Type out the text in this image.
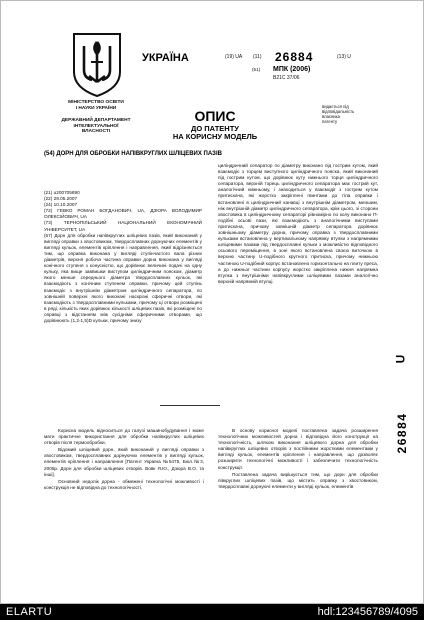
УКРАЇНА	(19) UA (11) 26884	(13) U
(51) МПК (2006)
B21C 37/06
МІНІСТЕРСТВО ОСВІТИ
І НАУКИ УКРАЇНИ
ДЕРЖАВНИЙ ДЕПАРТАМЕНТ
ІНТЕЛЕКТУАЛЬНОЇ
ВЛАСНОСТІ
видається під
відповідальність
власника
патенту
ОПИС
ДО ПАТЕНТУ
НА КОРИСНУ МОДЕЛЬ
(54) ДОРН ДЛЯ ОБРОБКИ НАПІВКРУГЛИХ ШЛІЦЕВИХ ПАЗІВ
(21) u200705890
(22) 29.05.2007
(24) 10.10.2007
(72) ГЕВКО РОМАН БОГДАНОВИЧ, UA, ДЗЮРА ВОЛОДИМИР ОЛЕКСІЙОВИЧ, UA
(73) ТЕРНОПІЛЬСЬКИЙ НАЦІОНАЛЬНИЙ ЕКОНОМІЧНИЙ УНІВЕРСИТЕТ, UA
(57) Дорн для обробки напівкруглих шліцевих пазів, який виконаний у вигляді оправки з хвостовиком, твердосплавних дорнуючих елементів у вигляді кульок, елементів кріплення і направлення, який відрізняється тим, що оправка виконана у вигляді ступінчастого вала різних діаметрів, верхня робоча частина оправки дорна виконана у вигляді конічного ступеня з конусністю, що дорівнює величині подачі на одну кульку, яка вище заввишки виступом циліндричним пояском, діаметр якого менше середнього діаметра твердосплавних кульок, які взаємодіють з конічним ступенем оправки, причому цей ступінь взаємодіє з внутрішнім діаметром циліндричного сепаратора, по зовнішній поверхні якого виконані наскрізні сферичні отвори, які взаємодіють з твердосплавними кульками, причому ці отвори розміщені в ряді, кількість яких дорівнює кількості шліцевих пазів, які розміщені по оправці з відстанням між сусідніми сферичними отворами, що дорівнюють (1,2-1,5)D кульки, причому знизу
циліндричний сепаратор по діаметру виконано під гострим кутом, який взаємодіє з торцем виступного циліндричного пояска, який виконаний під гострим кутом, що дорівнює куту нижнього торця циліндричного сепаратора, верхній торець циліндричного сепаратора має гострий кут, аналогічний нижньому, і знаходиться у взаємодії з гострим кутом притискача, які жорстко закріплені гвинтами до тіла оправки і встановлені в циліндричний канавці з внутрішнім діаметром, меншим, ніж внутрішній діаметр циліндричного сепаратора, крім цього, зі сторони хвостовика в циліндричному сепараторі рівномірно по колу виконано П-подібні осьові пази, які взаємодіють з аналогічними виступами притискача, причому зовнішній діаметр сепаратора дорівнює зовнішньому діаметру дорна, причому оправка з твердосплавними кульками встановлена у вертикальному напрямку втулки з напрямними шліцевими пазами під твердосплавні кульки з можливістю відповідного осьового переміщення, в зоні якого встановлена своєю виточкою в верхню частину U-подібного крутного притиска, причому нижньою частиною U-подібний корпус встановлено горизонтально на плиту преса, а до нижньої частини корпусу жорстко закріплена нижня напрямна втулка з внутрішніми напівкруглими шліцевими пазами аналогічно верхній напрямній втулці.
Корисна модель відноситься до галузі машинобудування і може мати практичне використання для обробки напівкруглих шліцевих отворів після термообробки.
Відомий шліцевий дорн, який виконаний у вигляді оправки з хвостовиком, твердосплавних дорнуючих елементів у вигляді кульок, елементів кріплення і направлення [Патент Україна №5475, Бюл.№3, 2005р. Дорн для обробки шліцевих отворів. Вовк Я.Ю., Дзюра В.О. та інші].
Основний недолік дорна - обмежені технологічні можливості і конструкція не відповідна до технологічності.
В основу корисної моделі поставлена задача розширення технологічних можливостей дорна і відповідна його конструкції на технологічність, шляхом виконання шліцевого дорна для обробки напівкруглих шліцевих отворів з постійними жорсткими елементами у вигляді кульок, елементів кріплення і направлення, що дозволяє розширити технологічні можливості і забезпечити технологічність конструкції.
Поставлена задача вирішується тим, що дорн для обробки півкруглих шліцевих пазів, що містить оправку з хвостовиком, твердосплавні дорнуючі елементи у вигляді кульок, елементів
26884
U
ELARTU	hdl:123456789/4095
